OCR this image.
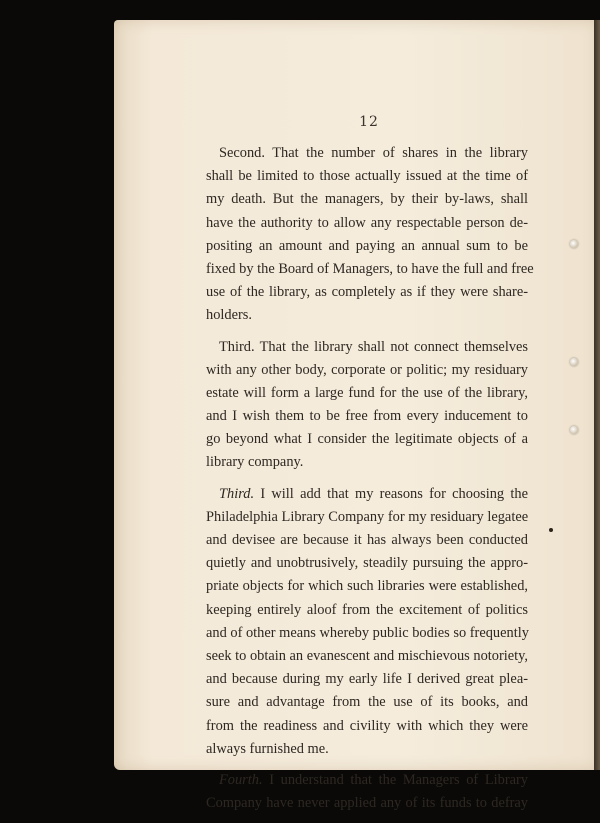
12
Second. That the number of shares in the library
shall be limited to those actually issued at the time of
my death. But the managers, by their by-laws, shall
have the authority to allow any respectable person de-
positing an amount and paying an annual sum to be
fixed by the Board of Managers, to have the full and free
use of the library, as completely as if they were share-
holders.
Third. That the library shall not connect themselves
with any other body, corporate or politic; my residuary
estate will form a large fund for the use of the library,
and I wish them to be free from every inducement to
go beyond what I consider the legitimate objects of a
library company.
Third. I will add that my reasons for choosing the
Philadelphia Library Company for my residuary legatee
and devisee are because it has always been conducted
quietly and unobtrusively, steadily pursuing the appro-
priate objects for which such libraries were established,
keeping entirely aloof from the excitement of politics
and of other means whereby public bodies so frequently
seek to obtain an evanescent and mischievous notoriety,
and because during my early life I derived great plea-
sure and advantage from the use of its books, and
from the readiness and civility with which they were
always furnished me.
Fourth. I understand that the Managers of Library
Company have never applied any of its funds to defray
